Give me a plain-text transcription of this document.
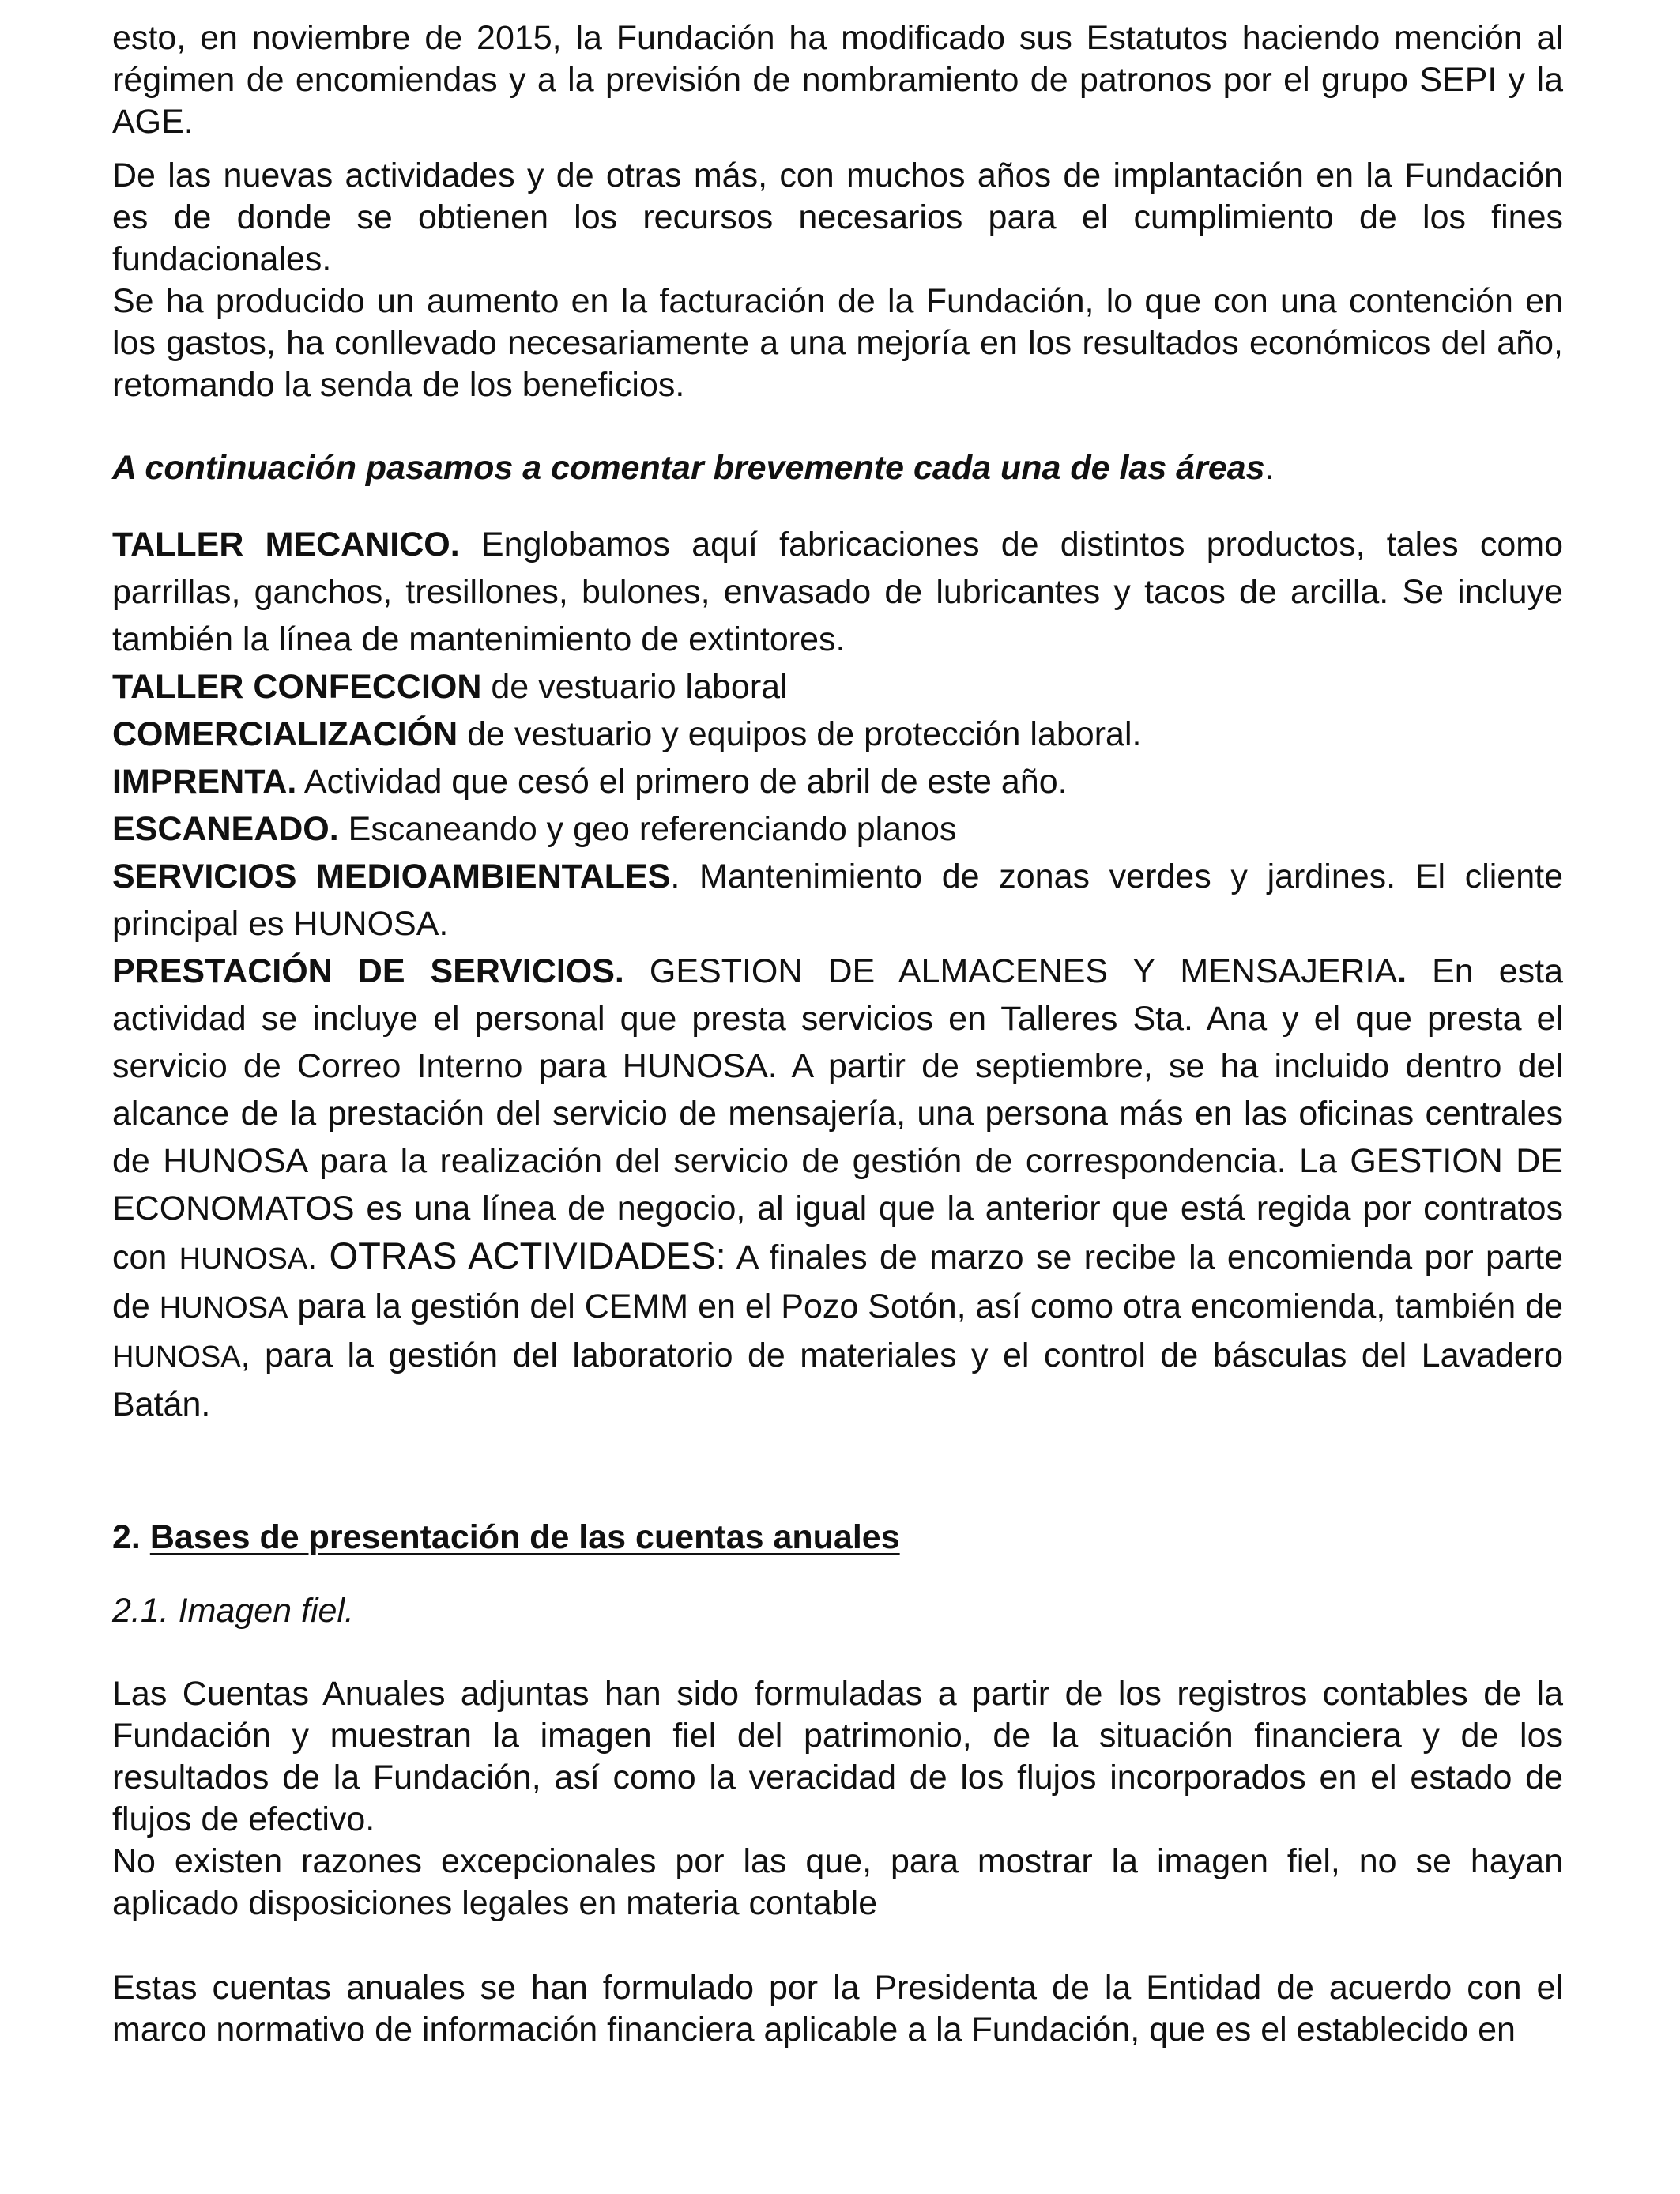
esto, en noviembre de 2015, la Fundación ha modificado sus Estatutos haciendo mención al régimen de encomiendas y a la previsión de nombramiento de patronos por el grupo SEPI y la AGE.

De las nuevas actividades y de otras más, con muchos años de implantación en la Fundación es de donde se obtienen los recursos necesarios para el cumplimiento de los fines fundacionales.

Se ha producido un aumento en la facturación de la Fundación, lo que con una contención en los gastos, ha conllevado necesariamente a una mejoría en los resultados económicos del año, retomando la senda de los beneficios.

A continuación pasamos a comentar brevemente cada una de las áreas.

TALLER MECANICO. Englobamos aquí fabricaciones de distintos productos, tales como parrillas, ganchos, tresillones, bulones, envasado de lubricantes y tacos de arcilla. Se incluye también la línea de mantenimiento de extintores.

TALLER CONFECCION de vestuario laboral

COMERCIALIZACIÓN de vestuario y equipos de protección laboral.

IMPRENTA. Actividad que cesó el primero de abril de este año.

ESCANEADO. Escaneando y geo referenciando planos

SERVICIOS MEDIOAMBIENTALES. Mantenimiento de zonas verdes y jardines. El cliente principal es HUNOSA.

PRESTACIÓN DE SERVICIOS. GESTION DE ALMACENES Y MENSAJERIA. En esta actividad se incluye el personal que presta servicios en Talleres Sta. Ana y el que presta el servicio de Correo Interno para HUNOSA. A partir de septiembre, se ha incluido dentro del alcance de la prestación del servicio de mensajería, una persona más en las oficinas centrales de HUNOSA para la realización del servicio de gestión de correspondencia. La GESTION DE ECONOMATOS es una línea de negocio, al igual que la anterior que está regida por contratos con HUNOSA. OTRAS ACTIVIDADES: A finales de marzo se recibe la encomienda por parte de HUNOSA para la gestión del CEMM en el Pozo Sotón, así como otra encomienda, también de HUNOSA, para la gestión del laboratorio de materiales y el control de básculas del Lavadero Batán.

2. Bases de presentación de las cuentas anuales

2.1. Imagen fiel.

Las Cuentas Anuales adjuntas han sido formuladas a partir de los registros contables de la Fundación y muestran la imagen fiel del patrimonio, de la situación financiera y de los resultados de la Fundación, así como la veracidad de los flujos incorporados en el estado de flujos de efectivo.

No existen razones excepcionales por las que, para mostrar la imagen fiel, no se hayan aplicado disposiciones legales en materia contable

Estas cuentas anuales se han formulado por la Presidenta de la Entidad de acuerdo con el marco normativo de información financiera aplicable a la Fundación, que es el establecido en
